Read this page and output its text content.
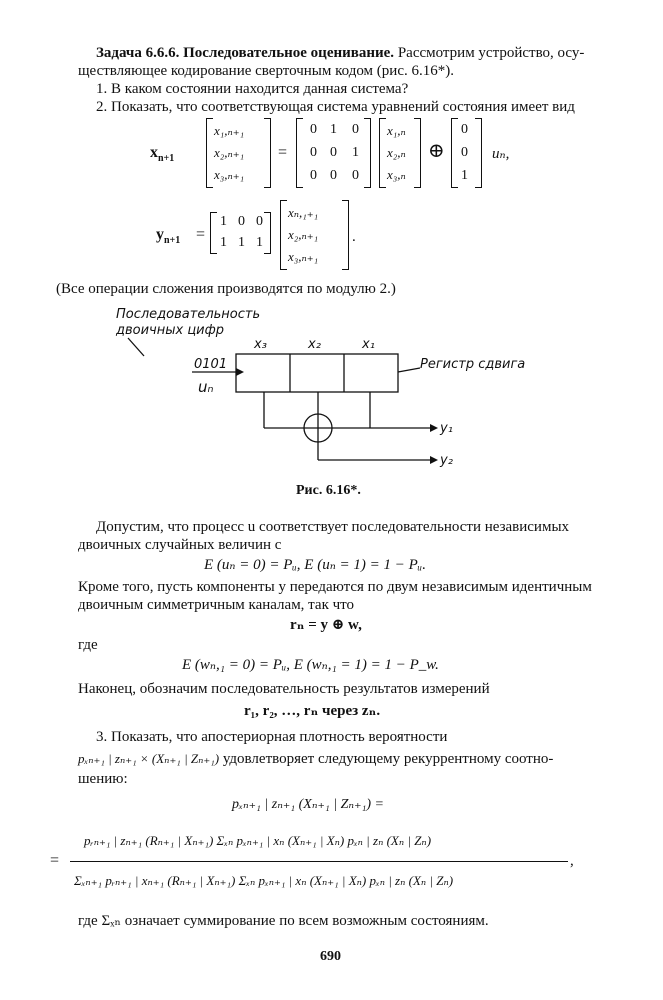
Задача 6.6.6. Последовательное оценивание. Рассмотрим устройство, осу-
ществляющее кодирование сверточным кодом (рис. 6.16*).
1. В каком состоянии находится данная система?
2. Показать, что соответствующая система уравнений состояния имеет вид
$x_{n+1}$
x₁,ₙ₊₁
x₂,ₙ₊₁
x₃,ₙ₊₁
=
0 1 0
0 0 1
0 0 0
x₁,ₙ
x₂,ₙ
x₃,ₙ
⊕
0
0
1
uₙ,
$y_{n+1}$ =
1 0 0
1 1 1
xₙ,₁₊₁
x₂,ₙ₊₁
x₃,ₙ₊₁
.
(Все операции сложения производятся по модулю 2.)
Последовательность
двоичных цифр
0101
uₙ
x₃	x₂	x₁
Регистр сдвига
y₁
y₂
Рис. 6.16*.
Допустим, что процесс u соответствует последовательности независимых
двоичных случайных величин с
E (uₙ = 0) = Pᵤ, E (uₙ = 1) = 1 − Pᵤ.
Кроме того, пусть компоненты y передаются по двум независимым идентичным
двоичным симметричным каналам, так что
rₙ = y ⊕ w,
где
E (wₙ,₁ = 0) = Pᵤ, E (wₙ,₁ = 1) = 1 − P_w.
Наконец, обозначим последовательность результатов измерений
r₁, r₂, …, rₙ через zₙ.
3. Показать, что апостериорная плотность вероятности
pₓₙ₊₁ | zₙ₊₁ × (Xₙ₊₁ | Zₙ₊₁) удовлетворяет следующему рекуррентному соотно-
шению:
pₓₙ₊₁ | zₙ₊₁ (Xₙ₊₁ | Zₙ₊₁) =
=
pᵣₙ₊₁ | zₙ₊₁ (Rₙ₊₁ | Xₙ₊₁) Σₓₙ pₓₙ₊₁ | xₙ (Xₙ₊₁ | Xₙ) pₓₙ | zₙ (Xₙ | Zₙ)
Σₓₙ₊₁ pᵣₙ₊₁ | xₙ₊₁ (Rₙ₊₁ | Xₙ₊₁) Σₓₙ pₓₙ₊₁ | xₙ (Xₙ₊₁ | Xₙ) pₓₙ | zₙ (Xₙ | Zₙ)
,
где Σₓₙ означает суммирование по всем возможным состояниям.
690
